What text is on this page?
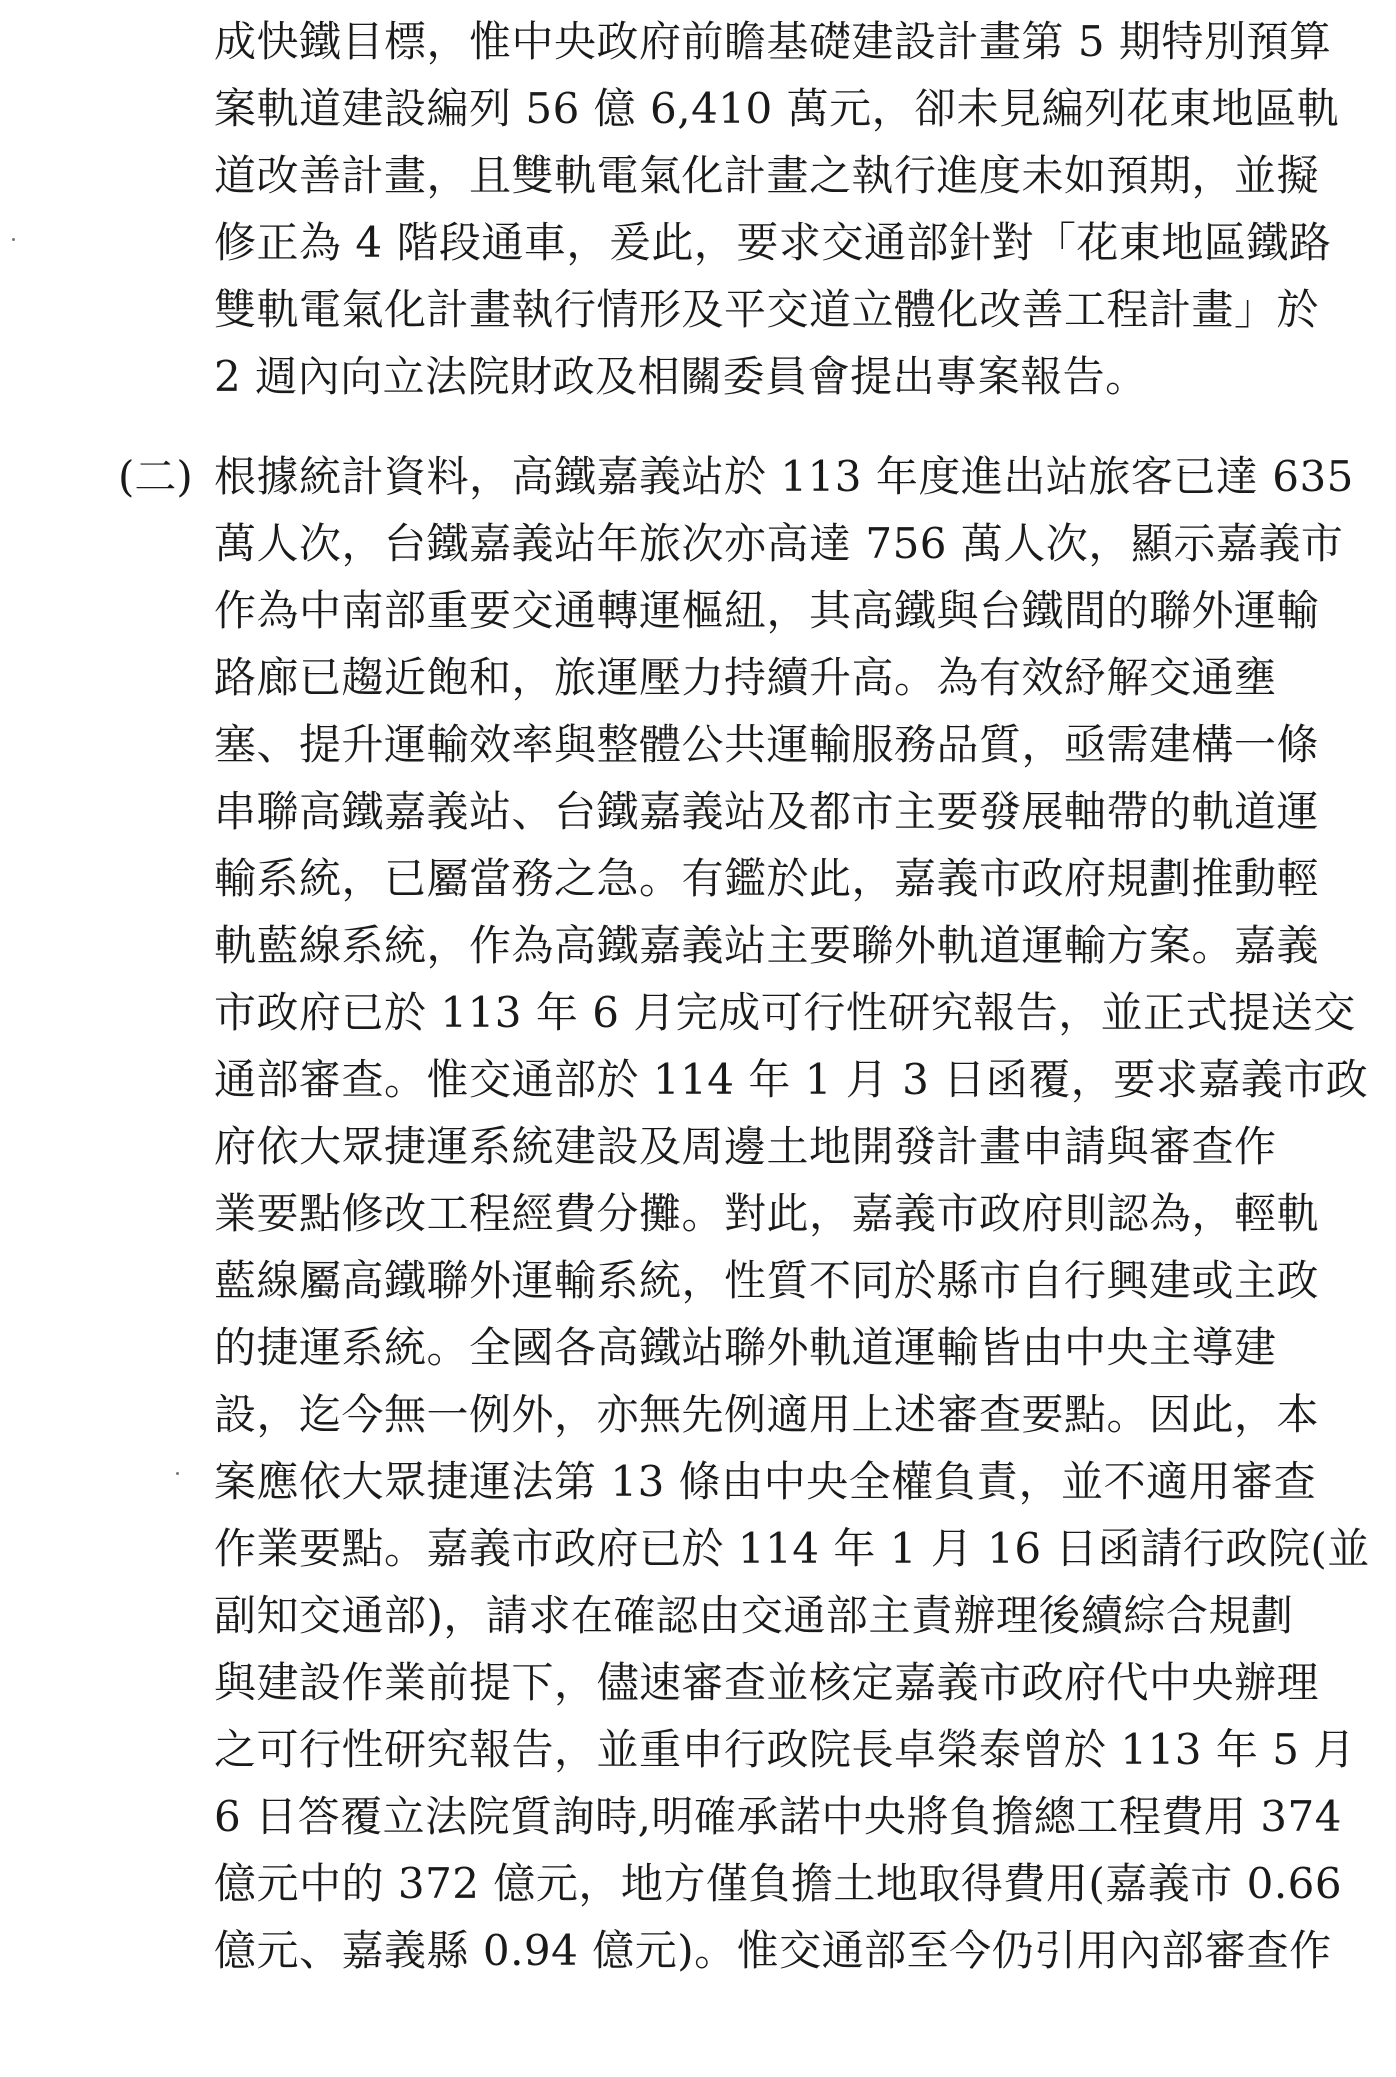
成快鐵目標，惟中央政府前瞻基礎建設計畫第 5 期特別預算
案軌道建設編列 56 億 6,410 萬元，卻未見編列花東地區軌
道改善計畫，且雙軌電氣化計畫之執行進度未如預期，並擬
修正為 4 階段通車，爰此，要求交通部針對「花東地區鐵路
雙軌電氣化計畫執行情形及平交道立體化改善工程計畫」於
2 週內向立法院財政及相關委員會提出專案報告。
(二) 根據統計資料，高鐵嘉義站於 113 年度進出站旅客已達 635
萬人次，台鐵嘉義站年旅次亦高達 756 萬人次，顯示嘉義市
作為中南部重要交通轉運樞紐，其高鐵與台鐵間的聯外運輸
路廊已趨近飽和，旅運壓力持續升高。為有效紓解交通壅
塞、提升運輸效率與整體公共運輸服務品質，亟需建構一條
串聯高鐵嘉義站、台鐵嘉義站及都市主要發展軸帶的軌道運
輸系統，已屬當務之急。有鑑於此，嘉義市政府規劃推動輕
軌藍線系統，作為高鐵嘉義站主要聯外軌道運輸方案。嘉義
市政府已於 113 年 6 月完成可行性研究報告，並正式提送交
通部審查。惟交通部於 114 年 1 月 3 日函覆，要求嘉義市政
府依大眾捷運系統建設及周邊土地開發計畫申請與審查作
業要點修改工程經費分攤。對此，嘉義市政府則認為，輕軌
藍線屬高鐵聯外運輸系統，性質不同於縣市自行興建或主政
的捷運系統。全國各高鐵站聯外軌道運輸皆由中央主導建
設，迄今無一例外，亦無先例適用上述審查要點。因此，本
案應依大眾捷運法第 13 條由中央全權負責，並不適用審查
作業要點。嘉義市政府已於 114 年 1 月 16 日函請行政院(並
副知交通部)，請求在確認由交通部主責辦理後續綜合規劃
與建設作業前提下，儘速審查並核定嘉義市政府代中央辦理
之可行性研究報告，並重申行政院長卓榮泰曾於 113 年 5 月
6 日答覆立法院質詢時,明確承諾中央將負擔總工程費用 374
億元中的 372 億元，地方僅負擔土地取得費用(嘉義市 0.66
億元、嘉義縣 0.94 億元)。惟交通部至今仍引用內部審查作
